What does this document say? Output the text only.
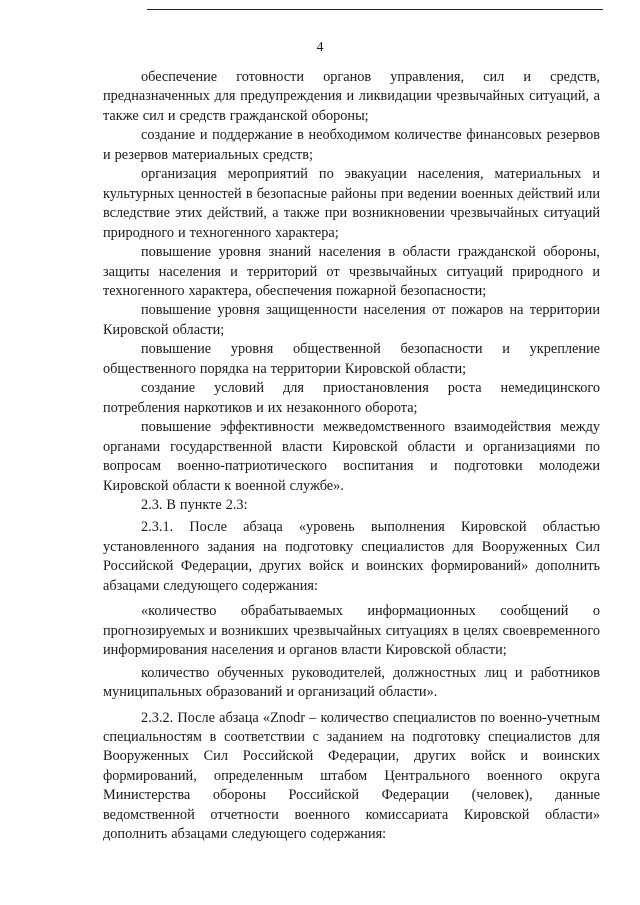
4

обеспечение готовности органов управления, сил и средств, предназначенных для предупреждения и ликвидации чрезвычайных ситуаций, а также сил и средств гражданской обороны;

создание и поддержание в необходимом количестве финансовых резервов и резервов материальных средств;

организация мероприятий по эвакуации населения, материальных и культурных ценностей в безопасные районы при ведении военных действий или вследствие этих действий, а также при возникновении чрезвычайных ситуаций природного и техногенного характера;

повышение уровня знаний населения в области гражданской обороны, защиты населения и территорий от чрезвычайных ситуаций природного и техногенного характера, обеспечения пожарной безопасности;

повышение уровня защищенности населения от пожаров на территории Кировской области;

повышение уровня общественной безопасности и укрепление общественного порядка на территории Кировской области;

создание условий для приостановления роста немедицинского потребления наркотиков и их незаконного оборота;

повышение эффективности межведомственного взаимодействия между органами государственной власти Кировской области и организациями по вопросам военно-патриотического воспитания и подготовки молодежи Кировской области к военной службе».

2.3. В пункте 2.3:

2.3.1. После абзаца «уровень выполнения Кировской областью установленного задания на подготовку специалистов для Вооруженных Сил Российской Федерации, других войск и воинских формирований» дополнить абзацами следующего содержания:

«количество обрабатываемых информационных сообщений о прогнозируемых и возникших чрезвычайных ситуациях в целях своевременного информирования населения и органов власти Кировской области;

количество обученных руководителей, должностных лиц и работников муниципальных образований и организаций области».

2.3.2. После абзаца «Znodr – количество специалистов по военно-учетным специальностям в соответствии с заданием на подготовку специалистов для Вооруженных Сил Российской Федерации, других войск и воинских формирований, определенным штабом Центрального военного округа Министерства обороны Российской Федерации (человек), данные ведомственной отчетности военного комиссариата Кировской области» дополнить абзацами следующего содержания:
